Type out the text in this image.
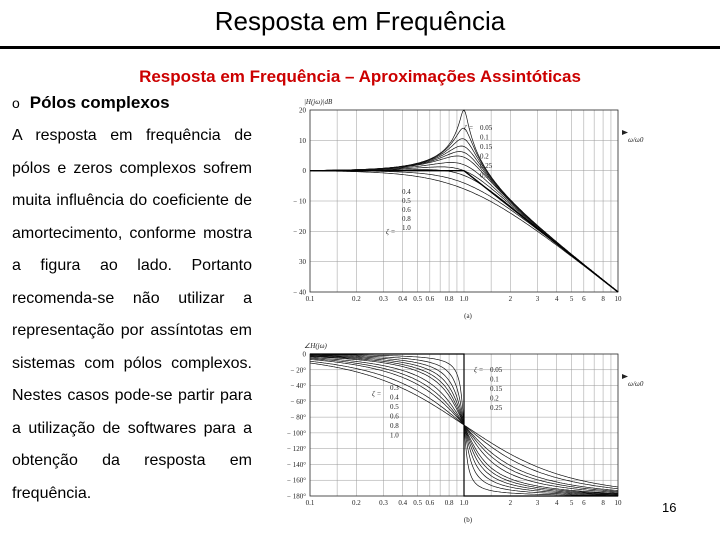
Resposta em Frequência
Resposta em Frequência – Aproximações Assintóticas
o Pólos complexos
A resposta em frequência de pólos e zeros complexos sofrem muita influência do coeficiente de amortecimento, conforme mostra a figura ao lado. Portanto recomenda-se não utilizar a representação por assíntotas em sistemas com pólos complexos. Nestes casos pode-se partir para a utilização de softwares para a obtenção da resposta em frequência.
20
10
0
− 10
− 20
30
− 40
0.1	0.2	0.3 0.4 0.5 0.6 0.8 1.0	2	3 4 5 6 8 10
|H(jω)|dB
ω/ω0
(a)
ζ = 0.05
0.1
0.15
0.2
0.25
0.3
0.4
0.5
0.6
0.8
1.0
ζ =
0
− 20°
− 40°
− 60°
− 80°
− 100°
− 120°
− 140°
− 160°
− 180°
0.1	0.2	0.3 0.4 0.5 0.6 0.8 1.0	2	3 4 5 6 8 10
∠H(jω)
ω/ω0
(b)
ζ = 0.05
0.1
0.15
0.2
0.25
0.3
0.4
0.5
0.6
0.8
1.0
ζ =
16
